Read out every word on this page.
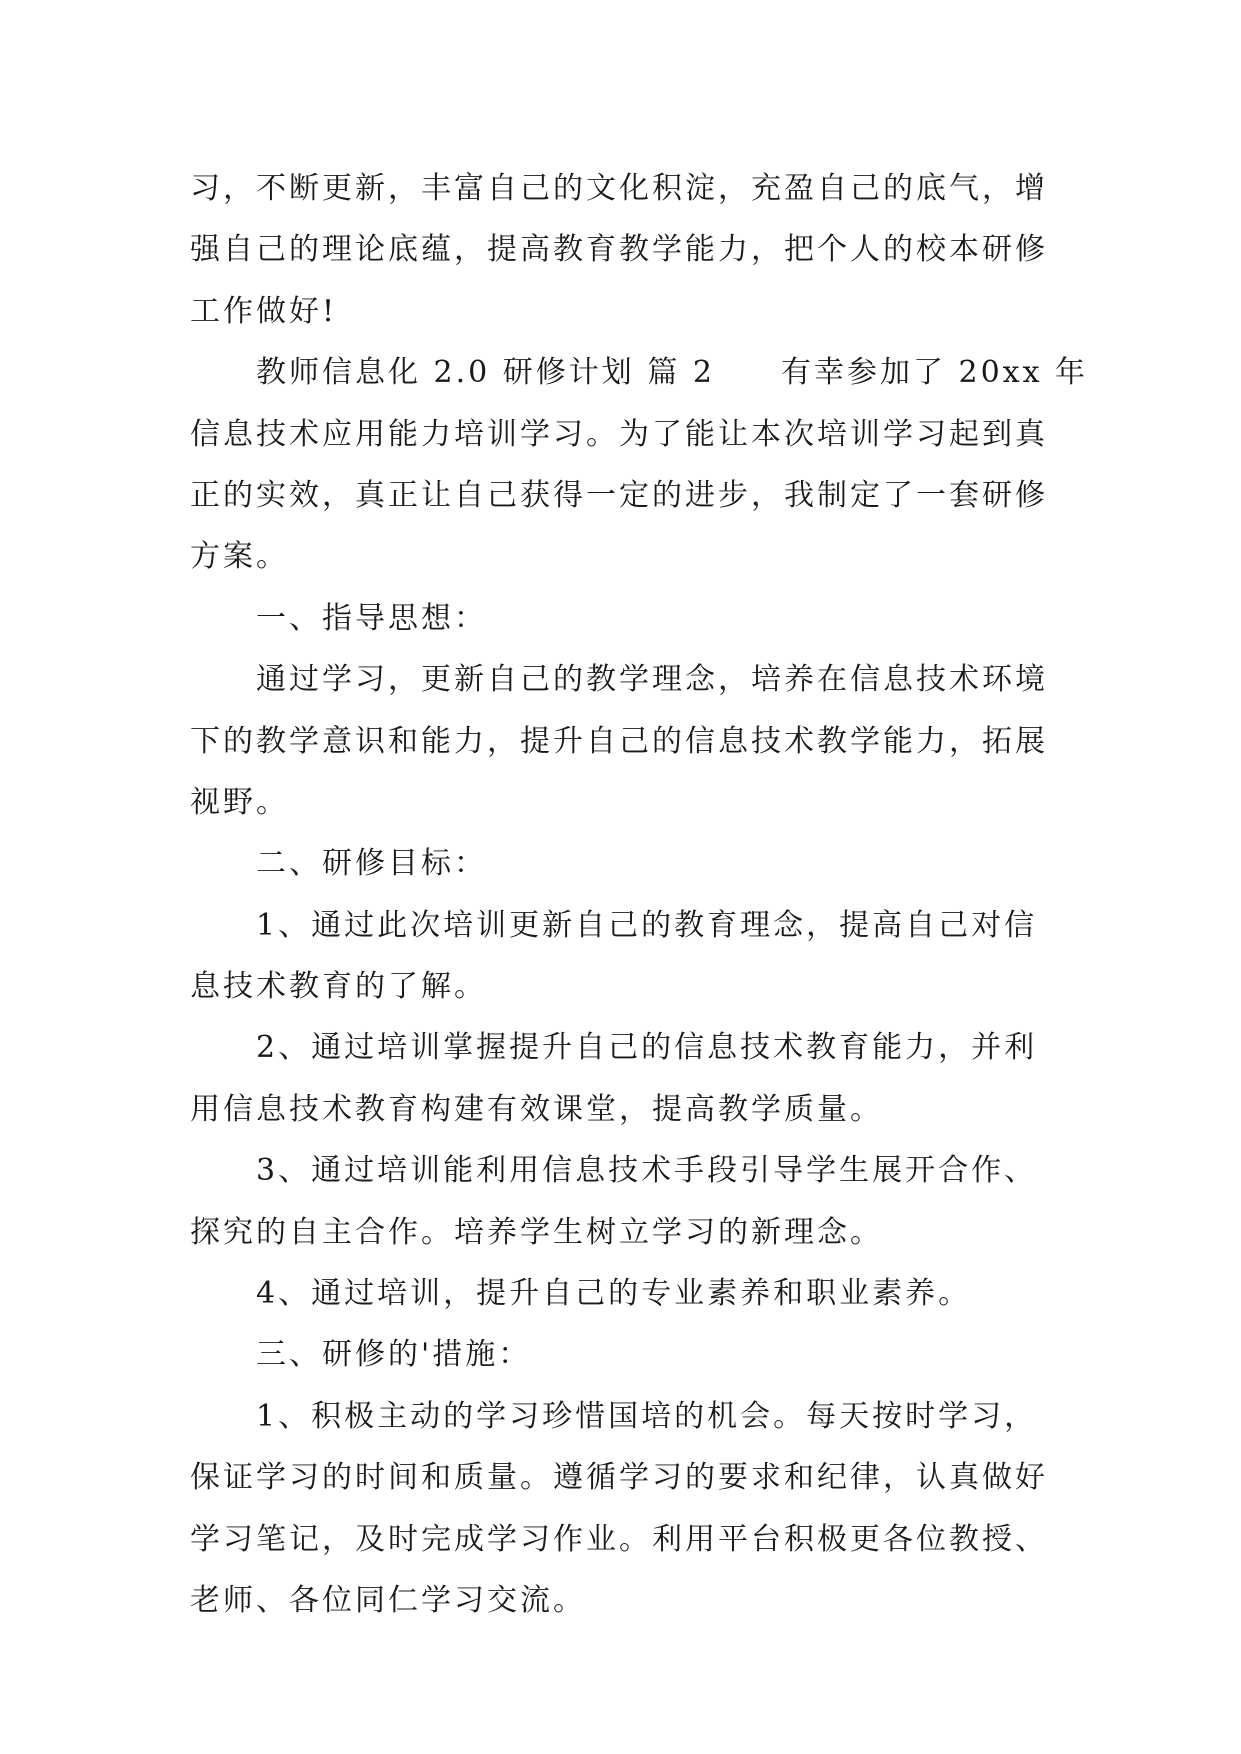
习，不断更新，丰富自己的文化积淀，充盈自己的底气，增
强自己的理论底蕴，提高教育教学能力，把个人的校本研修
工作做好!
教师信息化 2.0 研修计划 篇 2 有幸参加了 20xx 年
信息技术应用能力培训学习。为了能让本次培训学习起到真
正的实效，真正让自己获得一定的进步，我制定了一套研修
方案。
一、指导思想：
通过学习，更新自己的教学理念，培养在信息技术环境
下的教学意识和能力，提升自己的信息技术教学能力，拓展
视野。
二、研修目标：
1、通过此次培训更新自己的教育理念，提高自己对信
息技术教育的了解。
2、通过培训掌握提升自己的信息技术教育能力，并利
用信息技术教育构建有效课堂，提高教学质量。
3、通过培训能利用信息技术手段引导学生展开合作、
探究的自主合作。培养学生树立学习的新理念。
4、通过培训，提升自己的专业素养和职业素养。
三、研修的'措施：
1、积极主动的学习珍惜国培的机会。每天按时学习，
保证学习的时间和质量。遵循学习的要求和纪律，认真做好
学习笔记，及时完成学习作业。利用平台积极更各位教授、
老师、各位同仁学习交流。
